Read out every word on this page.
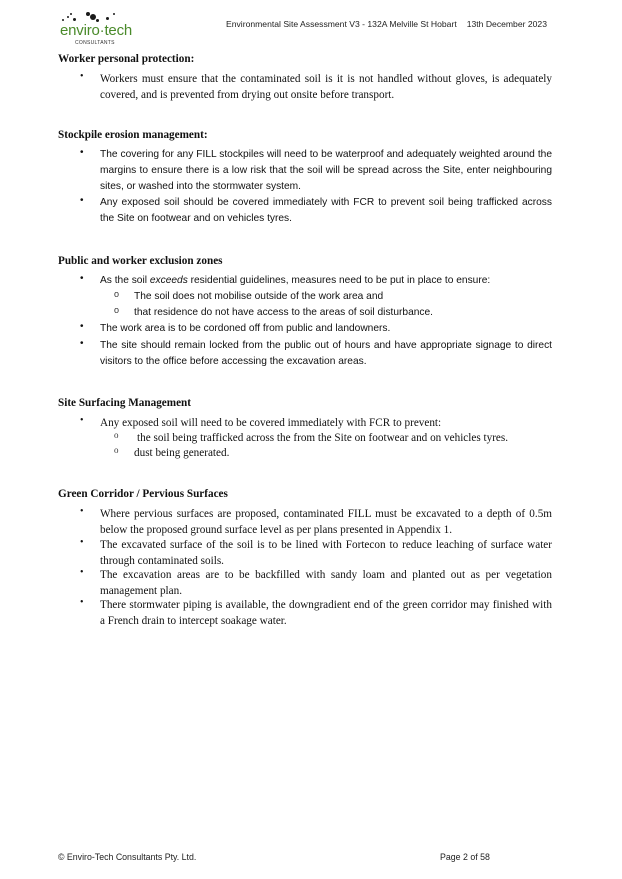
enviro·tech
CONSULTANTS
Environmental Site Assessment V3 - 132A Melville St Hobart 13th December 2023
Worker personal protection:
• Workers must ensure that the contaminated soil is it is not handled without gloves, is adequately covered, and is prevented from drying out onsite before transport.
Stockpile erosion management:
• The covering for any FILL stockpiles will need to be waterproof and adequately weighted around the margins to ensure there is a low risk that the soil will be spread across the Site, enter neighbouring sites, or washed into the stormwater system.
• Any exposed soil should be covered immediately with FCR to prevent soil being trafficked across the Site on footwear and on vehicles tyres.
Public and worker exclusion zones
• As the soil exceeds residential guidelines, measures need to be put in place to ensure:
o The soil does not mobilise outside of the work area and
o that residence do not have access to the areas of soil disturbance.
• The work area is to be cordoned off from public and landowners.
• The site should remain locked from the public out of hours and have appropriate signage to direct visitors to the office before accessing the excavation areas.
Site Surfacing Management
• Any exposed soil will need to be covered immediately with FCR to prevent:
o the soil being trafficked across the from the Site on footwear and on vehicles tyres.
o dust being generated.
Green Corridor / Pervious Surfaces
• Where pervious surfaces are proposed, contaminated FILL must be excavated to a depth of 0.5m below the proposed ground surface level as per plans presented in Appendix 1.
• The excavated surface of the soil is to be lined with Fortecon to reduce leaching of surface water through contaminated soils.
• The excavation areas are to be backfilled with sandy loam and planted out as per vegetation management plan.
• There stormwater piping is available, the downgradient end of the green corridor may finished with a French drain to intercept soakage water.
© Enviro-Tech Consultants Pty. Ltd.	Page 2 of 58
